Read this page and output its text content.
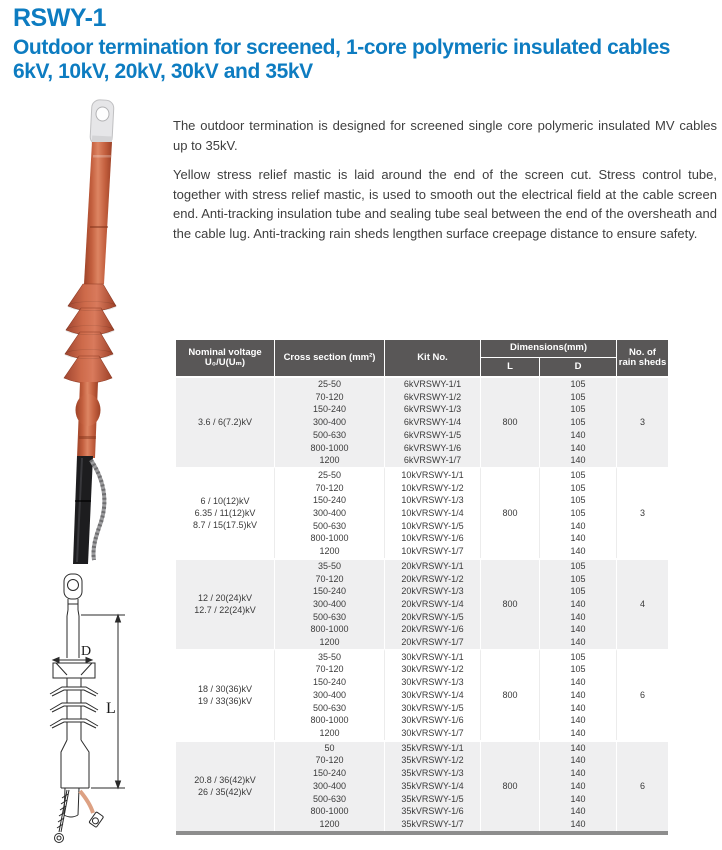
RSWY-1
Outdoor termination for screened, 1-core polymeric insulated cables
6kV, 10kV, 20kV, 30kV and 35kV

The outdoor termination is designed for screened single core polymeric insulated MV cables up to 35kV.

Yellow stress relief mastic is laid around the end of the screen cut. Stress control tube, together with stress relief mastic, is used to smooth out the electrical field at the cable screen end. Anti-tracking insulation tube and sealing tube seal between the end of the oversheath and the cable lug. Anti-tracking rain sheds lengthen surface creepage distance to ensure safety.

D
L
Nominal voltage
U₀/U(Uₘ)	Cross section (mm²)	Kit No.	Dimensions(mm)	No. of
rain sheds

			L	D	
3.6 / 6(7.2)kV	25-50	6kVRSWY-1/1	800	105	3
	70-120	6kVRSWY-1/2		105	
	150-240	6kVRSWY-1/3		105	
	300-400	6kVRSWY-1/4		105	
	500-630	6kVRSWY-1/5		140	
	800-1000	6kVRSWY-1/6		140	
	1200	6kVRSWY-1/7		140	
6 / 10(12)kV
6.35 / 11(12)kV
8.7 / 15(17.5)kV	25-50	10kVRSWY-1/1	800	105	3
	70-120	10kVRSWY-1/2		105	
	150-240	10kVRSWY-1/3		105	
	300-400	10kVRSWY-1/4		105	
	500-630	10kVRSWY-1/5		140	
	800-1000	10kVRSWY-1/6		140	
	1200	10kVRSWY-1/7		140	
12 / 20(24)kV
12.7 / 22(24)kV	35-50	20kVRSWY-1/1	800	105	4
	70-120	20kVRSWY-1/2		105	
	150-240	20kVRSWY-1/3		105	
	300-400	20kVRSWY-1/4		140	
	500-630	20kVRSWY-1/5		140	
	800-1000	20kVRSWY-1/6		140	
	1200	20kVRSWY-1/7		140	
18 / 30(36)kV
19 / 33(36)kV	35-50	30kVRSWY-1/1	800	105	6
	70-120	30kVRSWY-1/2		105	
	150-240	30kVRSWY-1/3		140	
	300-400	30kVRSWY-1/4		140	
	500-630	30kVRSWY-1/5		140	
	800-1000	30kVRSWY-1/6		140	
	1200	30kVRSWY-1/7		140	
20.8 / 36(42)kV
26 / 35(42)kV	50	35kVRSWY-1/1	800	140	6
	70-120	35kVRSWY-1/2		140	
	150-240	35kVRSWY-1/3		140	
	300-400	35kVRSWY-1/4		140	
	500-630	35kVRSWY-1/5		140	
	800-1000	35kVRSWY-1/6		140	
	1200	35kVRSWY-1/7		140	
